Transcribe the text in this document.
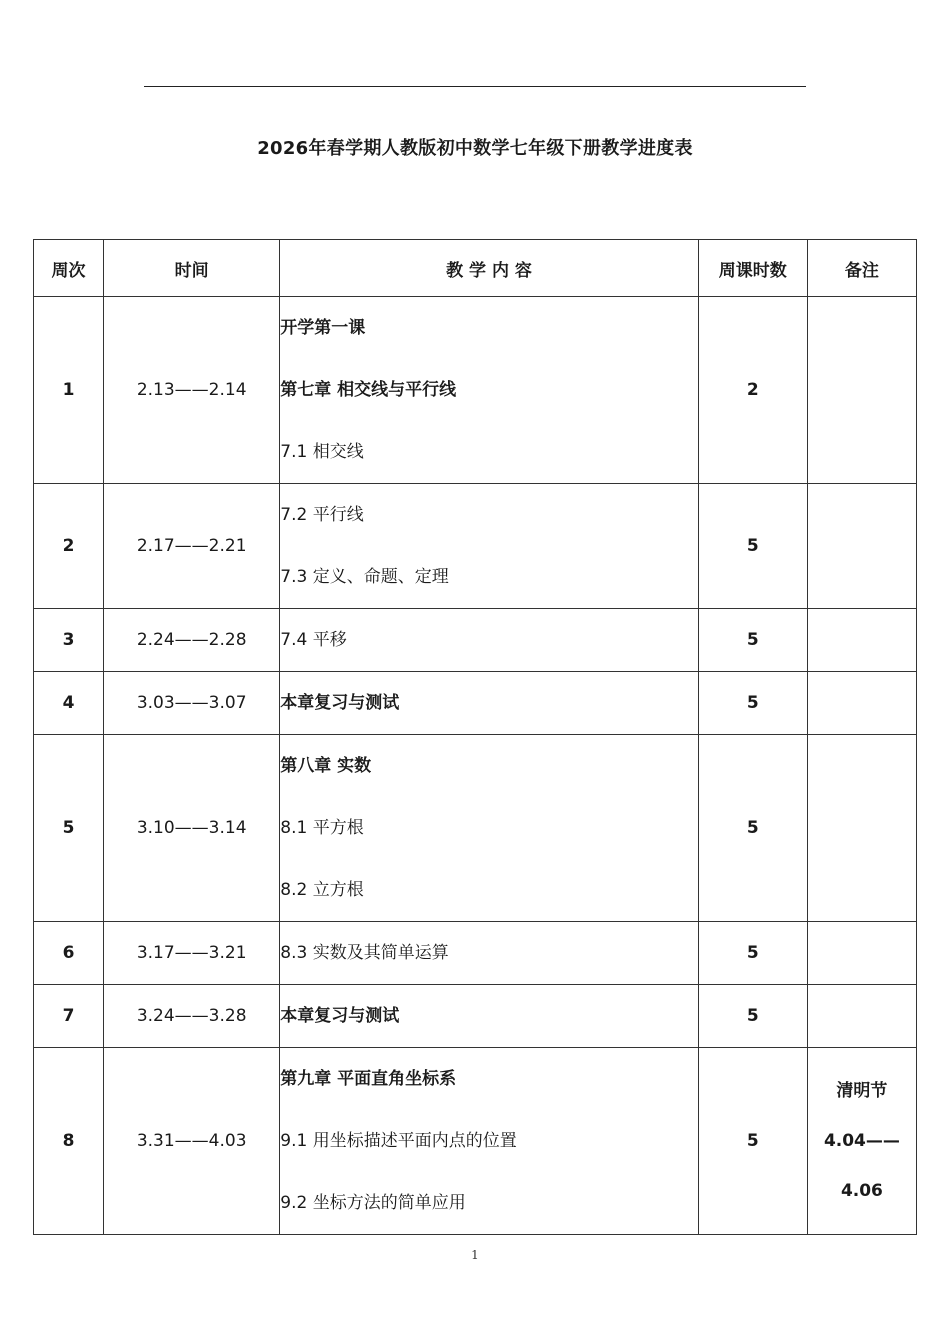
2026年春学期人教版初中数学七年级下册教学进度表
周次	时间	教 学 内 容	周课时数	备注
1	2.13——2.14	开学第一课
第七章 相交线与平行线
7.1 相交线	2	
2	2.17——2.21	7.2 平行线
7.3 定义、命题、定理	5	
3	2.24——2.28	7.4 平移	5	
4	3.03——3.07	本章复习与测试	5	
5	3.10——3.14	第八章 实数
8.1 平方根
8.2 立方根	5	
6	3.17——3.21	8.3 实数及其简单运算	5	
7	3.24——3.28	本章复习与测试	5	
8	3.31——4.03	第九章 平面直角坐标系
9.1 用坐标描述平面内点的位置
9.2 坐标方法的简单应用	5	清明节
4.04——
4.06
1
